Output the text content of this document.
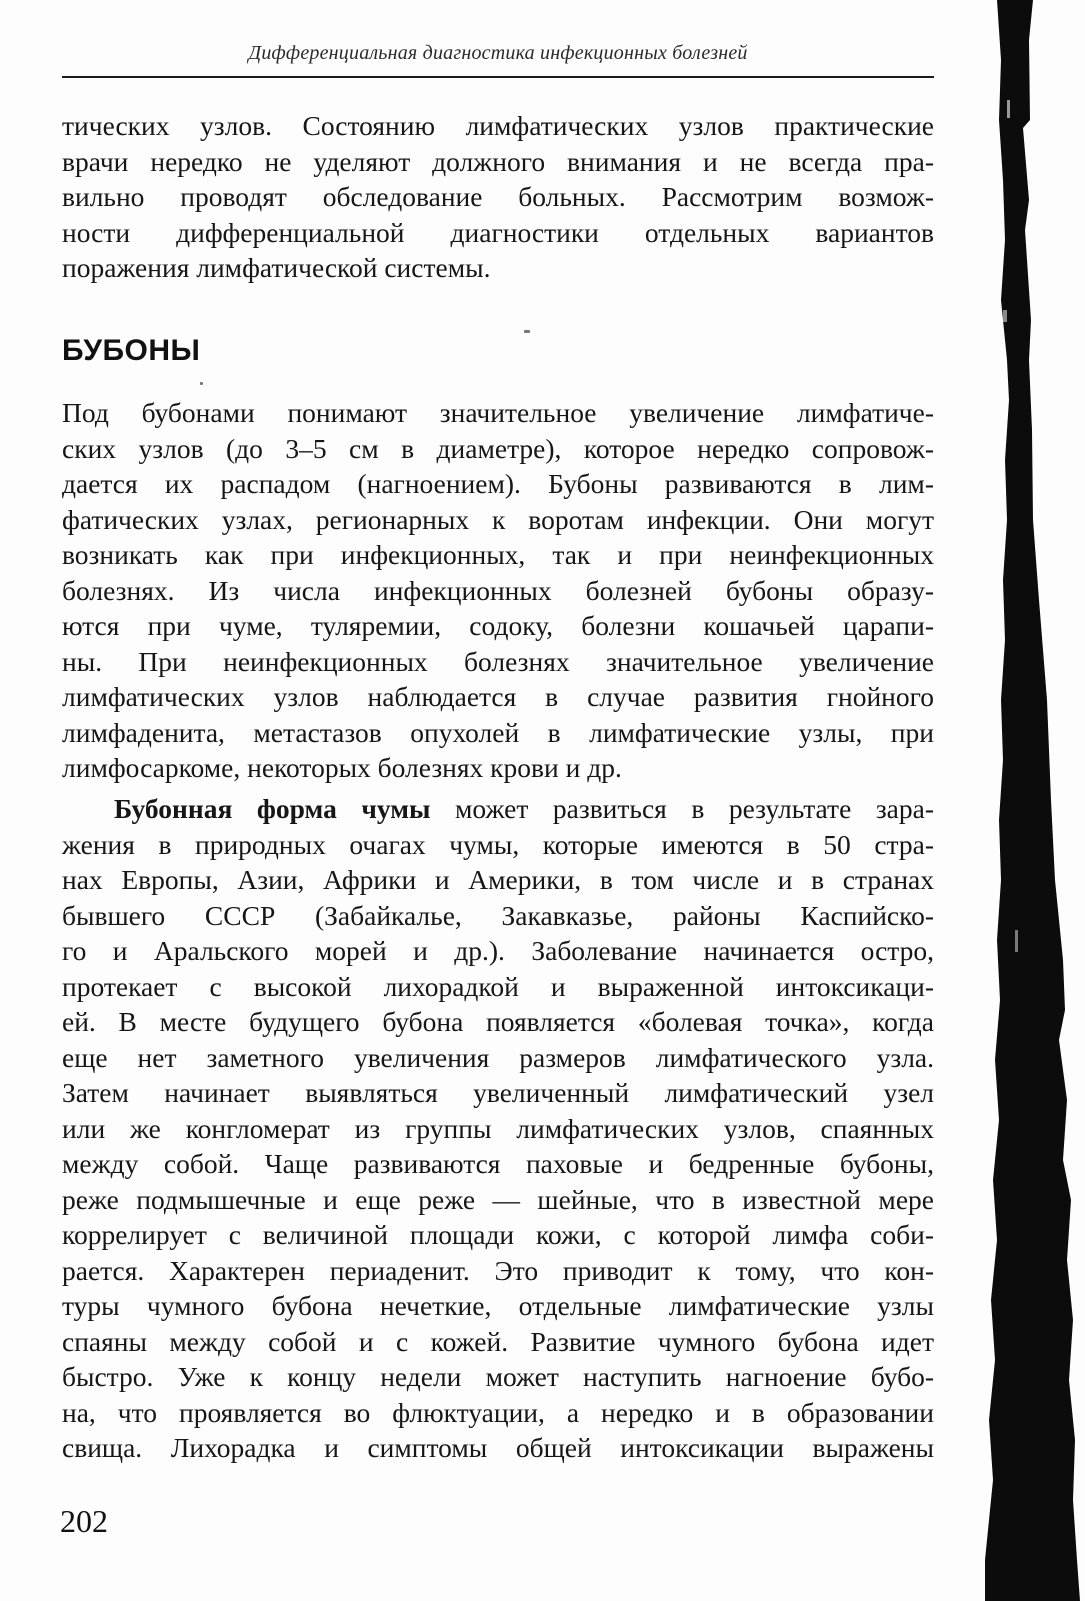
Дифференциальная диагностика инфекционных болезней
тических узлов. Состоянию лимфатических узлов практические
врачи нередко не уделяют должного внимания и не всегда пра-
вильно проводят обследование больных. Рассмотрим возмож-
ности дифференциальной диагностики отдельных вариантов
поражения лимфатической системы.
БУБОНЫ
Под бубонами понимают значительное увеличение лимфатиче-
ских узлов (до 3–5 см в диаметре), которое нередко сопровож-
дается их распадом (нагноением). Бубоны развиваются в лим-
фатических узлах, регионарных к воротам инфекции. Они могут
возникать как при инфекционных, так и при неинфекционных
болезнях. Из числа инфекционных болезней бубоны образу-
ются при чуме, туляремии, содоку, болезни кошачьей царапи-
ны. При неинфекционных болезнях значительное увеличение
лимфатических узлов наблюдается в случае развития гнойного
лимфаденита, метастазов опухолей в лимфатические узлы, при
лимфосаркоме, некоторых болезнях крови и др.
Бубонная форма чумы может развиться в результате зара-
жения в природных очагах чумы, которые имеются в 50 стра-
нах Европы, Азии, Африки и Америки, в том числе и в странах
бывшего СССР (Забайкалье, Закавказье, районы Каспийско-
го и Аральского морей и др.). Заболевание начинается остро,
протекает с высокой лихорадкой и выраженной интоксикаци-
ей. В месте будущего бубона появляется «болевая точка», когда
еще нет заметного увеличения размеров лимфатического узла.
Затем начинает выявляться увеличенный лимфатический узел
или же конгломерат из группы лимфатических узлов, спаянных
между собой. Чаще развиваются паховые и бедренные бубоны,
реже подмышечные и еще реже — шейные, что в известной мере
коррелирует с величиной площади кожи, с которой лимфа соби-
рается. Характерен периаденит. Это приводит к тому, что кон-
туры чумного бубона нечеткие, отдельные лимфатические узлы
спаяны между собой и с кожей. Развитие чумного бубона идет
быстро. Уже к концу недели может наступить нагноение бубо-
на, что проявляется во флюктуации, а нередко и в образовании
свища. Лихорадка и симптомы общей интоксикации выражены
202
